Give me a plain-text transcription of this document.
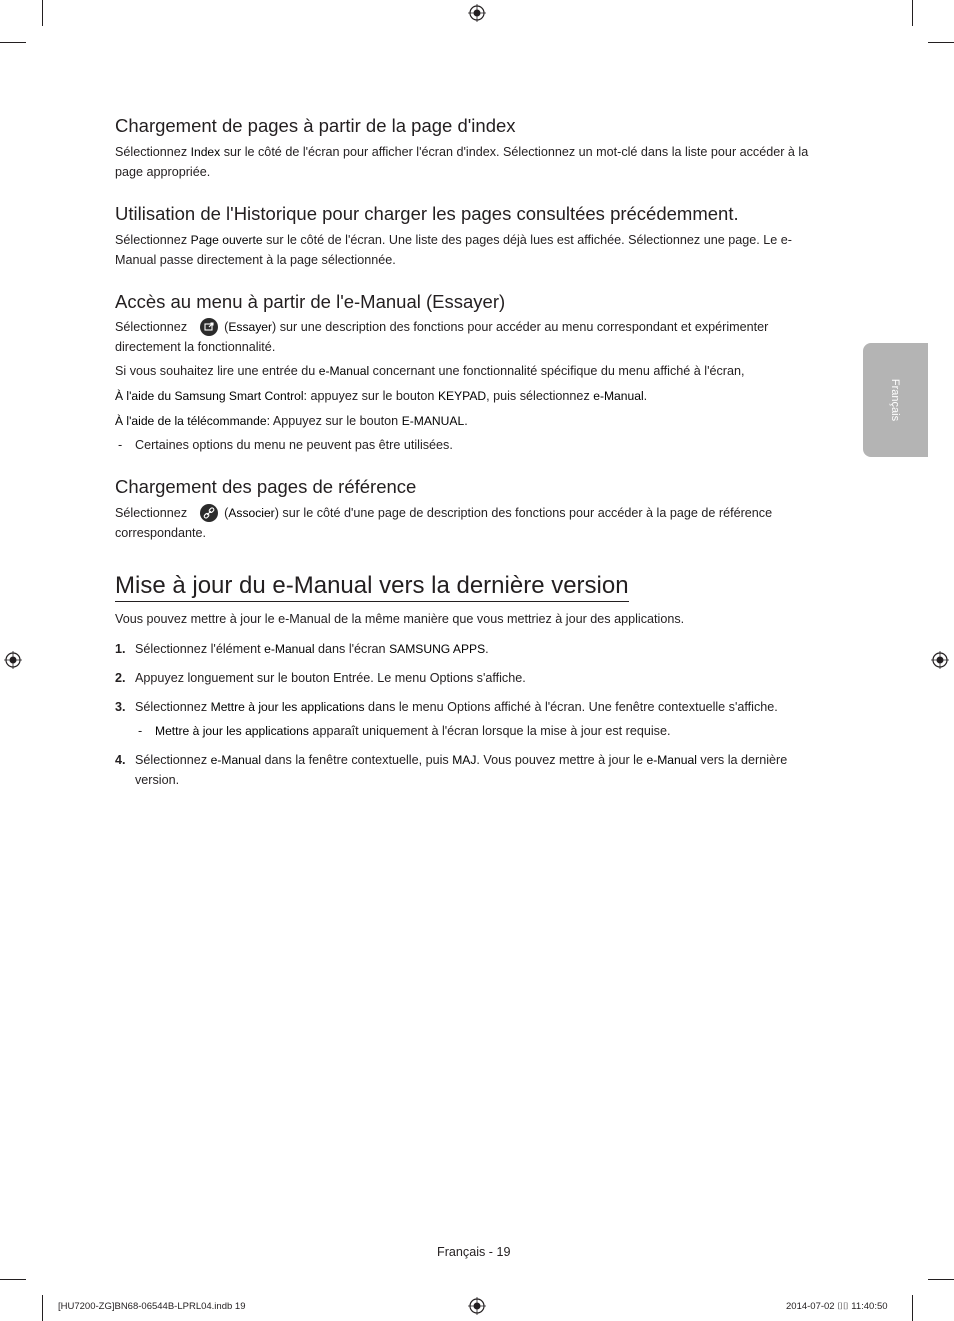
Chargement de pages à partir de la page d'index

Sélectionnez Index sur le côté de l'écran pour afficher l'écran d'index. Sélectionnez un mot-clé dans la liste pour accéder à la page appropriée.

Utilisation de l'Historique pour charger les pages consultées précédemment.

Sélectionnez Page ouverte sur le côté de l'écran. Une liste des pages déjà lues est affichée. Sélectionnez une page. Le e-Manual passe directement à la page sélectionnée.

Accès au menu à partir de l'e-Manual (Essayer)

Sélectionnez	(Essayer) sur une description des fonctions pour accéder au menu correspondant et expérimenter directement la fonctionnalité.

Si vous souhaitez lire une entrée du e-Manual concernant une fonctionnalité spécifique du menu affiché à l'écran,

À l'aide du Samsung Smart Control: appuyez sur le bouton KEYPAD, puis sélectionnez e-Manual.

À l'aide de la télécommande: Appuyez sur le bouton E-MANUAL.

- Certaines options du menu ne peuvent pas être utilisées.

Chargement des pages de référence

Sélectionnez	(Associer) sur le côté d'une page de description des fonctions pour accéder à la page de référence correspondante.

Mise à jour du e-Manual vers la dernière version

Vous pouvez mettre à jour le e-Manual de la même manière que vous mettriez à jour des applications.

1. Sélectionnez l'élément e-Manual dans l'écran SAMSUNG APPS.

2. Appuyez longuement sur le bouton Entrée. Le menu Options s'affiche.

3. Sélectionnez Mettre à jour les applications dans le menu Options affiché à l'écran. Une fenêtre contextuelle s'affiche.

- Mettre à jour les applications apparaît uniquement à l'écran lorsque la mise à jour est requise.

4. Sélectionnez e-Manual dans la fenêtre contextuelle, puis MAJ. Vous pouvez mettre à jour le e-Manual vers la dernière version.

Français
Français - 19
[HU7200-ZG]BN68-06544B-LPRL04.indb 19	2014-07-02 ⌷⌷ 11:40:50
